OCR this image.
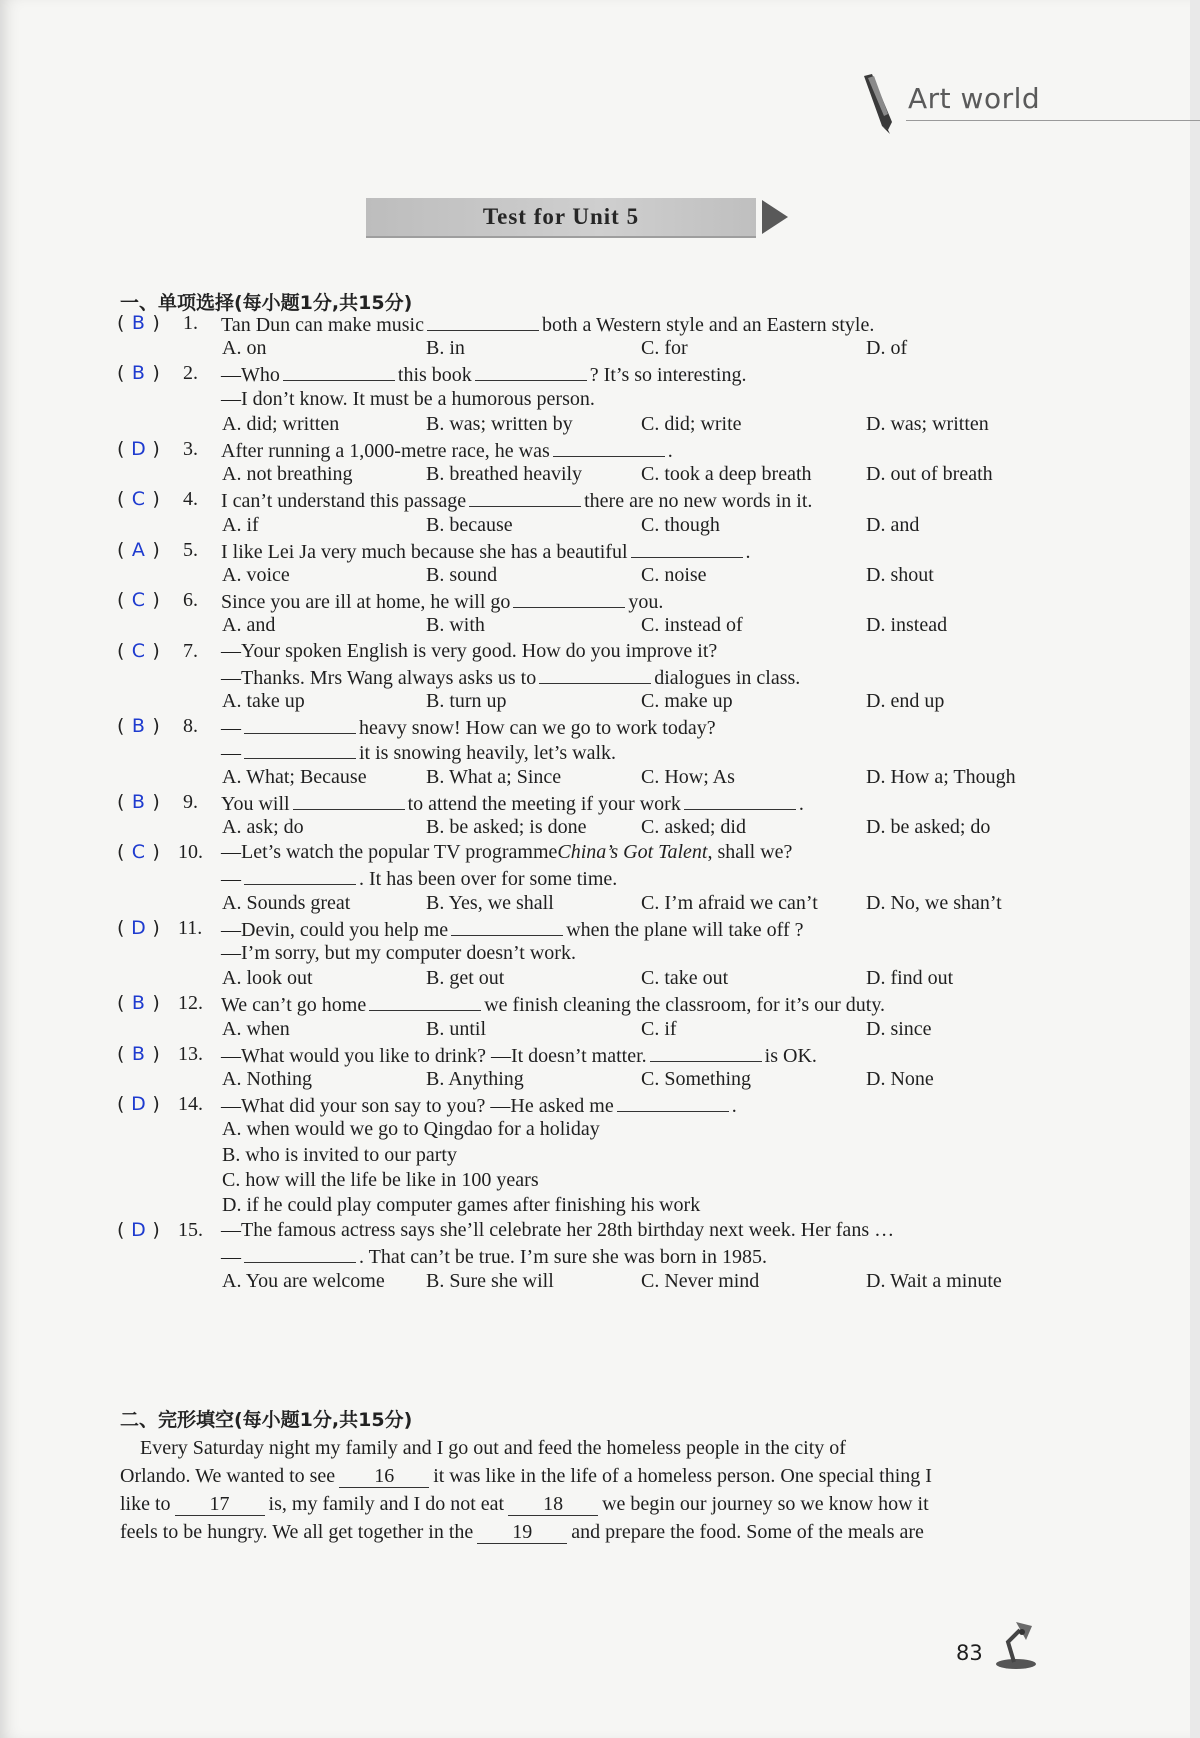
Art world
Test for Unit 5
一、单项选择(每小题1分,共15分)
( B )	1. Tan Dun can make music	both a Western style and an Eastern style.
A. on	B. in	C. for	D. of
( B )	2. —Who	this book	? It’s so interesting.
—I don’t know. It must be a humorous person.
A. did; written	B. was; written by	C. did; write	D. was; written
( D )	3. After running a 1,000-metre race, he was	.
A. not breathing	B. breathed heavily	C. took a deep breath	D. out of breath
( C )	4. I can’t understand this passage	there are no new words in it.
A. if	B. because	C. though	D. and
( A )	5. I like Lei Ja very much because she has a beautiful	.
A. voice	B. sound	C. noise	D. shout
( C )	6. Since you are ill at home, he will go	you.
A. and	B. with	C. instead of	D. instead
( C )	7. —Your spoken English is very good. How do you improve it?
—Thanks. Mrs Wang always asks us to	dialogues in class.
A. take up	B. turn up	C. make up	D. end up
( B )	8. —	heavy snow! How can we go to work today?
—	it is snowing heavily, let’s walk.
A. What; Because	B. What a; Since	C. How; As	D. How a; Though
( B )	9. You will	to attend the meeting if your work	.
A. ask; do	B. be asked; is done	C. asked; did	D. be asked; do
( C ) 10. —Let’s watch the popular TV programmeChina’s Got Talent, shall we?
—	. It has been over for some time.
A. Sounds great	B. Yes, we shall	C. I’m afraid we can’t D. No, we shan’t
( D ) 11. —Devin, could you help me	when the plane will take off ?
—I’m sorry, but my computer doesn’t work.
A. look out	B. get out	C. take out	D. find out
( B ) 12. We can’t go home	we finish cleaning the classroom, for it’s our duty.
A. when	B. until	C. if	D. since
( B ) 13. —What would you like to drink? —It doesn’t matter.	is OK.
A. Nothing	B. Anything	C. Something	D. None
( D ) 14. —What did your son say to you? —He asked me	.
A. when would we go to Qingdao for a holiday
B. who is invited to our party
C. how will the life be like in 100 years
D. if he could play computer games after finishing his work
( D ) 15. —The famous actress says she’ll celebrate her 28th birthday next week. Her fans …
—	. That can’t be true. I’m sure she was born in 1985.
A. You are welcome B. Sure she will	C. Never mind	D. Wait a minute
二、完形填空(每小题1分,共15分)
Every Saturday night my family and I go out and feed the homeless people in the city of
Orlando. We wanted to see 16 it was like in the life of a homeless person. One special thing I
like to 17 is, my family and I do not eat 18 we begin our journey so we know how it
feels to be hungry. We all get together in the 19 and prepare the food. Some of the meals are
83
